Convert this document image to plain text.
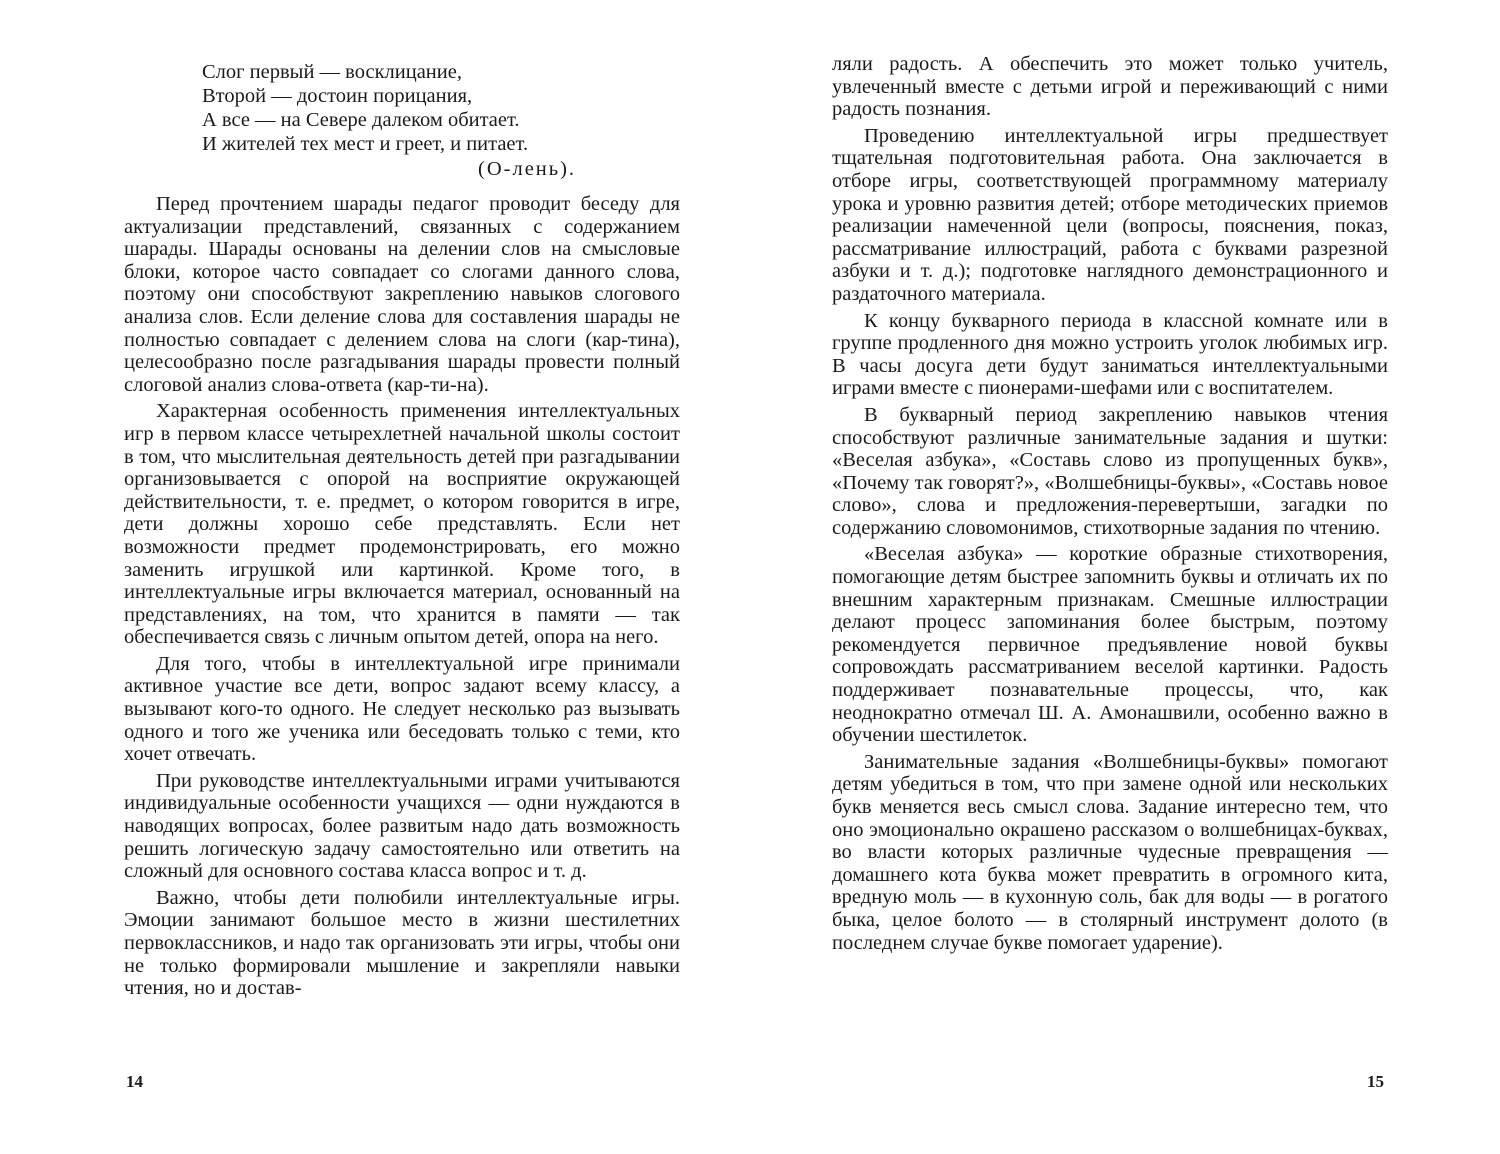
Слог первый — восклицание,
Второй — достоин порицания,
А все — на Севере далеком обитает.
И жителей тех мест и греет, и питает.
(О-лень).

Перед прочтением шарады педагог проводит беседу для актуализации представлений, связанных с содержанием шарады. Шарады основаны на делении слов на смысловые блоки, которое часто совпадает со слогами данного слова, поэтому они способствуют закреплению навыков слогового анализа слов. Если деление слова для составления шарады не полностью совпадает с делением слова на слоги (кар-тина), целесообразно после разгадывания шарады провести полный слоговой анализ слова-ответа (кар-ти-на).

Характерная особенность применения интеллектуальных игр в первом классе четырехлетней начальной школы состоит в том, что мыслительная деятельность детей при разгадывании организовывается с опорой на восприятие окружающей действительности, т. е. предмет, о котором говорится в игре, дети должны хорошо себе представлять. Если нет возможности предмет продемонстрировать, его можно заменить игрушкой или картинкой. Кроме того, в интеллектуальные игры включается материал, основанный на представлениях, на том, что хранится в памяти — так обеспечивается связь с личным опытом детей, опора на него.

Для того, чтобы в интеллектуальной игре принимали активное участие все дети, вопрос задают всему классу, а вызывают кого-то одного. Не следует несколько раз вызывать одного и того же ученика или беседовать только с теми, кто хочет отвечать.

При руководстве интеллектуальными играми учитываются индивидуальные особенности учащихся — одни нуждаются в наводящих вопросах, более развитым надо дать возможность решить логическую задачу самостоятельно или ответить на сложный для основного состава класса вопрос и т. д.

Важно, чтобы дети полюбили интеллектуальные игры. Эмоции занимают большое место в жизни шестилетних первоклассников, и надо так организовать эти игры, чтобы они не только формировали мышление и закрепляли навыки чтения, но и достав-

14

ляли радость. А обеспечить это может только учитель, увлеченный вместе с детьми игрой и переживающий с ними радость познания.

Проведению интеллектуальной игры предшествует тщательная подготовительная работа. Она заключается в отборе игры, соответствующей программному материалу урока и уровню развития детей; отборе методических приемов реализации намеченной цели (вопросы, пояснения, показ, рассматривание иллюстраций, работа с буквами разрезной азбуки и т. д.); подготовке наглядного демонстрационного и раздаточного материала.

К концу букварного периода в классной комнате или в группе продленного дня можно устроить уголок любимых игр. В часы досуга дети будут заниматься интеллектуальными играми вместе с пионерами-шефами или с воспитателем.

В букварный период закреплению навыков чтения способствуют различные занимательные задания и шутки: «Веселая азбука», «Составь слово из пропущенных букв», «Почему так говорят?», «Волшебницы-буквы», «Составь новое слово», слова и предложения-перевертыши, загадки по содержанию словомонимов, стихотворные задания по чтению.

«Веселая азбука» — короткие образные стихотворения, помогающие детям быстрее запомнить буквы и отличать их по внешним характерным признакам. Смешные иллюстрации делают процесс запоминания более быстрым, поэтому рекомендуется первичное предъявление новой буквы сопровождать рассматриванием веселой картинки. Радость поддерживает познавательные процессы, что, как неоднократно отмечал Ш. А. Амонашвили, особенно важно в обучении шестилеток.

Занимательные задания «Волшебницы-буквы» помогают детям убедиться в том, что при замене одной или нескольких букв меняется весь смысл слова. Задание интересно тем, что оно эмоционально окрашено рассказом о волшебницах-буквах, во власти которых различные чудесные превращения — домашнего кота буква может превратить в огромного кита, вредную моль — в кухонную соль, бак для воды — в рогатого быка, целое болото — в столярный инструмент долото (в последнем случае букве помогает ударение).

15
